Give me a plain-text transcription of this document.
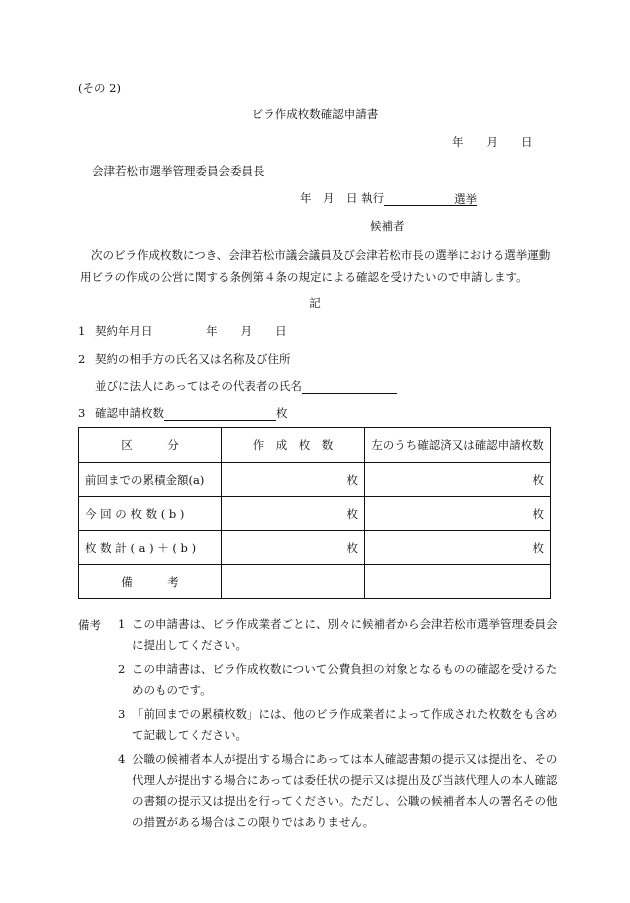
(その 2)
ビラ作成枚数確認申請書
年　　月　　日
会津若松市選挙管理委員会委員長
年　月　日 執行	選挙
候補者
次のビラ作成枚数につき、会津若松市議会議員及び会津若松市長の選挙における選挙運動用ビラの作成の公営に関する条例第４条の規定による確認を受けたいので申請します。
記
1 契約年月日	年　　月　　日
2 契約の相手方の氏名又は名称及び住所
並びに法人にあってはその代表者の氏名
3 確認申請枚数	枚
区　　　分	作　成　枚　数	左のうち確認済又は確認申請枚数
前回までの累積金額(a)	枚	枚
今 回 の 枚 数 ( b )	枚	枚
枚 数 計 ( a ) ＋ ( b )	枚	枚
備　　　考		
備考 1 この申請書は、ビラ作成業者ごとに、別々に候補者から会津若松市選挙管理委員会に提出してください。
2 この申請書は、ビラ作成枚数について公費負担の対象となるものの確認を受けるためのものです。
3 「前回までの累積枚数」には、他のビラ作成業者によって作成された枚数をも含めて記載してください。
4 公職の候補者本人が提出する場合にあっては本人確認書類の提示又は提出を、その代理人が提出する場合にあっては委任状の提示又は提出及び当該代理人の本人確認の書類の提示又は提出を行ってください。ただし、公職の候補者本人の署名その他の措置がある場合はこの限りではありません。
